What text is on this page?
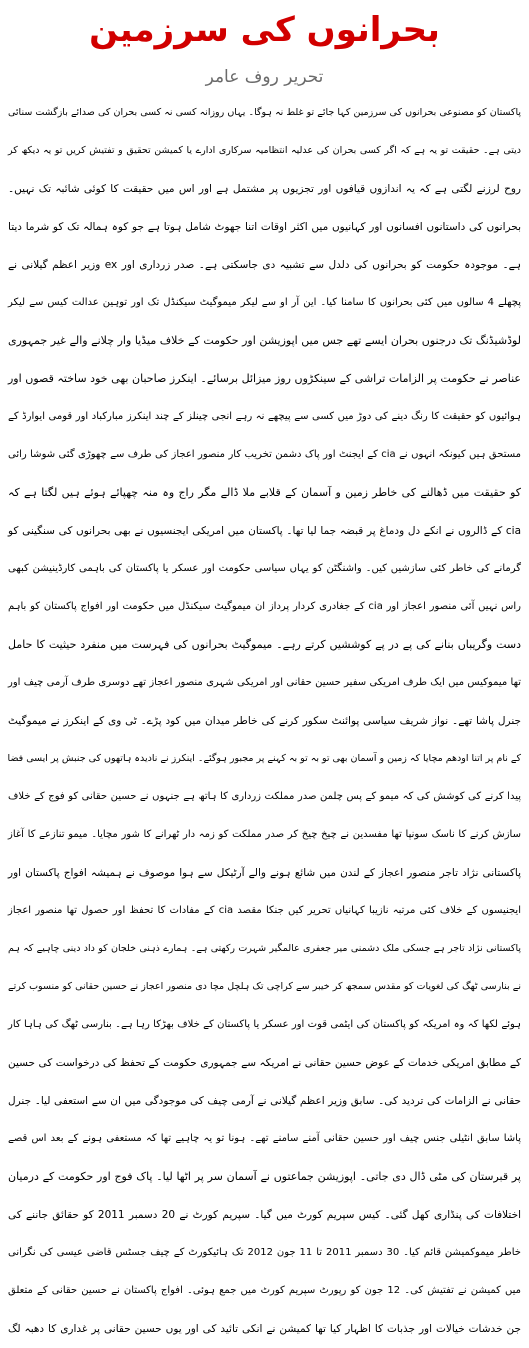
بحرانوں کی سرزمین
تحریر روف عامر
پاکستان کو مصنوعی بحرانوں کی سرزمین کہا جائے تو غلط نہ ہوگا۔ یہاں روزانہ کسی نہ کسی بحران کی صدائے بازگشت سنائی
دیتی ہے۔ حقیقت تو یہ ہے کہ اگر کسی بحران کی عدلیہ انتظامیہ سرکاری ادارے یا کمیشن تحقیق و تفتیش کریں تو یہ دیکھ کر
روح لرزنے لگتی ہے کہ یہ اندازوں قیافوں اور تجزیوں پر مشتمل ہے اور اس میں حقیقت کا کوئی شائبہ تک نہیں۔
بحرانوں کی داستانوں افسانوں اور کہانیوں میں اکثر اوقات اتنا جھوٹ شامل ہوتا ہے جو کوہ ہمالہ تک کو شرما دیتا
ہے۔ موجودہ حکومت کو بحرانوں کی دلدل سے تشبیہ دی جاسکتی ہے۔ صدر زرداری اور ex وزیر اعظم گیلانی نے
پچھلے 4 سالوں میں کئی بحرانوں کا سامنا کیا۔ این آر او سے لیکر میموگیٹ سیکنڈل تک اور توہین عدالت کیس سے لیکر
لوڈشیڈنگ تک درجنوں بحران ایسے تھے جس میں اپوزیشن اور حکومت کے خلاف میڈیا وار چلانے والے غیر جمہوری
عناصر نے حکومت پر الزامات تراشی کے سینکڑوں روز میزائل برسائے۔ اینکرز صاحبان بھی خود ساختہ قصوں اور
ہوائیوں کو حقیقت کا رنگ دینے کی دوڑ میں کسی سے پیچھے نہ رہے انجی چینلز کے چند اینکرز مبارکباد اور قومی ایوارڈ کے
مستحق ہیں کیونکہ انہوں نے cia کے ایجنٹ اور پاک دشمن تخریب کار منصور اعجاز کی طرف سے چھوڑی گئی شوشا رائی
کو حقیقت میں ڈھالنے کی خاطر زمین و آسمان کے قلابے ملا ڈالے مگر راج وہ منہ چھپائے ہوئے ہیں لگتا ہے کہ
cia کے ڈالروں نے انکے دل ودماغ پر قبضہ جما لیا تھا۔ پاکستان میں امریکی ایجنسیوں نے بھی بحرانوں کی سنگینی کو
گرمانے کی خاطر کئی سازشیں کیں۔ واشنگٹن کو یہاں سیاسی حکومت اور عسکر یا پاکستان کی باہمی کارڈینیشن کبھی
راس نہیں آئی منصور اعجاز اور cia کے جغادری کردار پرداز ان میموگیٹ سیکنڈل میں حکومت اور افواج پاکستان کو باہم
دست وگریباں بنانے کی پے در پے کوششیں کرتے رہے۔ میموگیٹ بحرانوں کی فہرست میں منفرد حیثیت کا حامل
تھا میموکیس میں ایک طرف امریکی سفیر حسین حقانی اور امریکی شہری منصور اعجاز تھے دوسری طرف آرمی چیف اور
جنرل پاشا تھے۔ نواز شریف سیاسی پوائنٹ سکور کرنے کی خاطر میدان میں کود پڑے۔ ٹی وی کے اینکرز نے میموگیٹ
کے نام پر اتنا اودھم مچایا کہ زمین و آسمان بھی تو بہ تو بہ کہنے پر مجبور ہوگئے۔ اینکرز نے نادیدہ ہاتھوں کی جنبش پر ایسی فضا
پیدا کرنے کی کوشش کی کہ میمو کے پس چلمن صدر مملکت زرداری کا ہاتھ ہے جنہوں نے حسین حقانی کو فوج کے خلاف
سازش کرنے کا ناسک سونپا تھا مفسدین نے چیخ چیخ کر صدر مملکت کو زمہ دار ٹھرانے کا شور مچایا۔ میمو تنازعے کا آغاز
پاکستانی نژاد تاجر منصور اعجاز کے لندن میں شائع ہونے والے آرٹیکل سے ہوا موصوف نے ہمیشہ افواج پاکستان اور
ایجنیسوں کے خلاف کئی مرتبہ نازیبا کہانیاں تحریر کیں جنکا مقصد cia کے مفادات کا تحفظ اور حصول تھا منصور اعجاز
پاکستانی نژاد تاجر ہے جسکی ملک دشمنی میر جعفری عالمگیر شہرت رکھتی ہے۔ ہمارے ذہنی خلجان کو داد دینی چاہیے کہ ہم
نے بنارسی ٹھگ کی لغویات کو مقدس سمجھ کر خیبر سے کراچی تک ہلچل مچا دی منصور اعجاز نے حسین حقانی کو منسوب کرتے
ہوئے لکھا کہ وہ امریکہ کو پاکستان کی ایٹمی قوت اور عسکر یا پاکستان کے خلاف بھڑکا رہا ہے۔ بنارسی ٹھگ کی ہاہا کار
کے مطابق امریکی خدمات کے عوض حسین حقانی نے امریکہ سے جمہوری حکومت کے تحفظ کی درخواست کی حسین
حقانی نے الزامات کی تردید کی۔ سابق وزیر اعظم گیلانی نے آرمی چیف کی موجودگی میں ان سے استعفی لیا۔ جنرل
پاشا سابق انٹیلی جنس چیف اور حسین حقانی آمنے سامنے تھے۔ ہونا تو یہ چاہیے تھا کہ مستعفی ہونے کے بعد اس قصے
پر قبرستان کی مٹی ڈال دی جاتی۔ اپوزیشن جماعتوں نے آسمان سر پر اٹھا لیا۔ پاک فوج اور حکومت کے درمیان
اختلافات کی پنڈاری کھل گئی۔ کیس سپریم کورٹ میں گیا۔ سپریم کورٹ نے 20 دسمبر 2011 کو حقائق جاننے کی
خاطر میموکمیشن قائم کیا۔ 30 دسمبر 2011 تا 11 جون 2012 تک ہائیکورٹ کے چیف جسٹس قاضی عیسی کی نگرانی
میں کمیشن نے تفتیش کی۔ 12 جون کو رپورٹ سپریم کورٹ میں جمع ہوئی۔ افواج پاکستان نے حسین حقانی کے متعلق
جن خدشات خیالات اور جذبات کا اظہار کیا تھا کمیشن نے انکی تائید کی اور یوں حسین حقانی پر غداری کا دھبہ لگ
